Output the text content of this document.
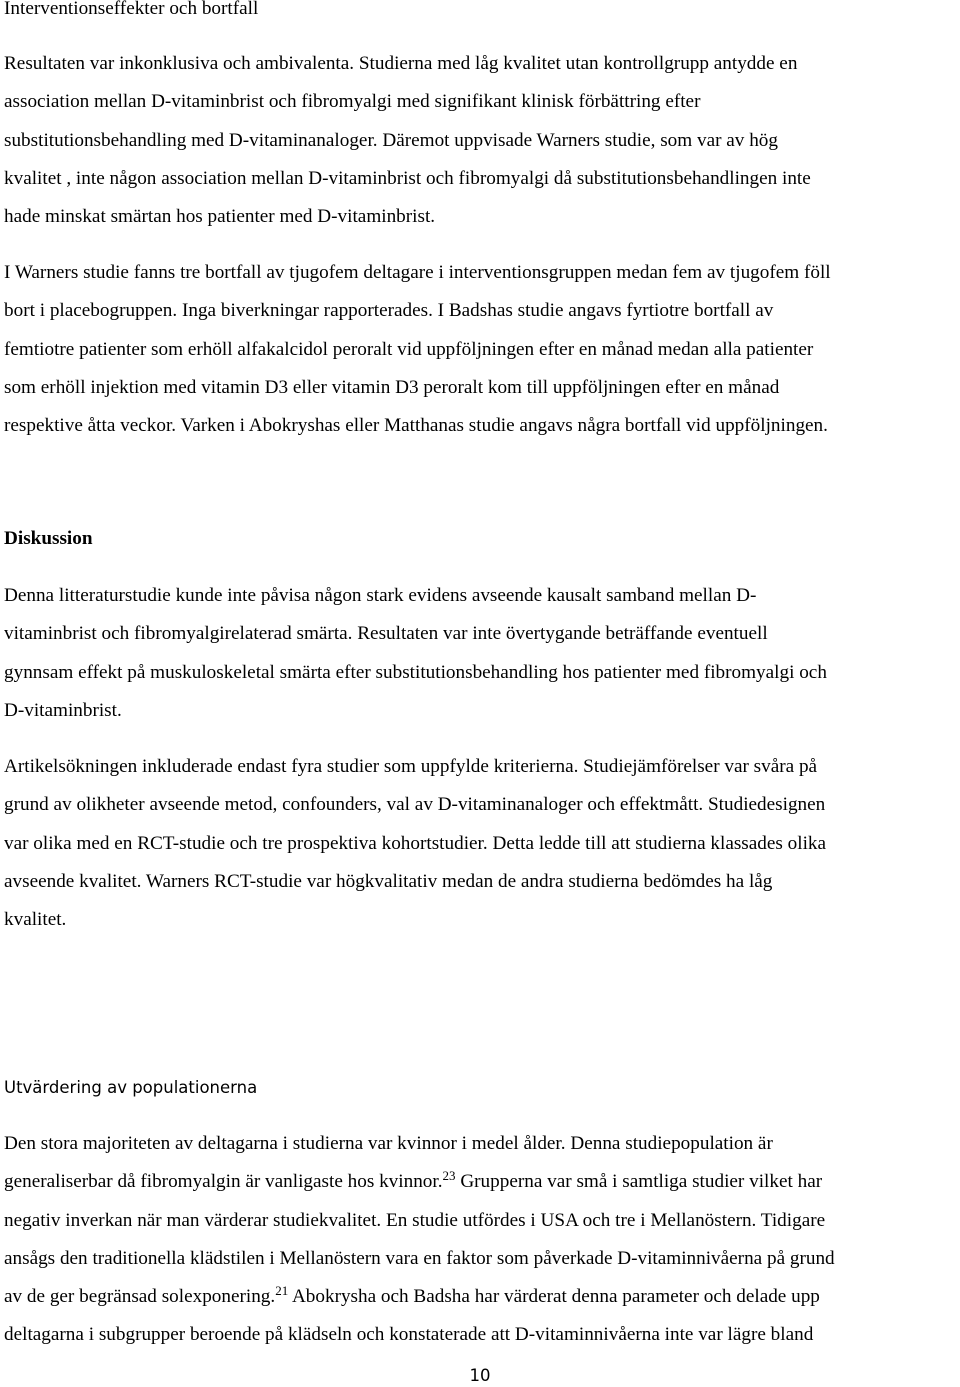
Interventionseffekter och bortfall
Resultaten var inkonklusiva och ambivalenta. Studierna med låg kvalitet utan kontrollgrupp antydde en
association mellan D-vitaminbrist och fibromyalgi med signifikant klinisk förbättring efter
substitutionsbehandling med D-vitaminanaloger. Däremot uppvisade Warners studie, som var av hög
kvalitet , inte någon association mellan D-vitaminbrist och fibromyalgi då substitutionsbehandlingen inte
hade minskat smärtan hos patienter med D-vitaminbrist.
I Warners studie fanns tre bortfall av tjugofem deltagare i interventionsgruppen medan fem av tjugofem föll
bort i placebogruppen. Inga biverkningar rapporterades. I Badshas studie angavs fyrtiotre bortfall av
femtiotre patienter som erhöll alfakalcidol peroralt vid uppföljningen efter en månad medan alla patienter
som erhöll injektion med vitamin D3 eller vitamin D3 peroralt kom till uppföljningen efter en månad
respektive åtta veckor. Varken i Abokryshas eller Matthanas studie angavs några bortfall vid uppföljningen.
Diskussion
Denna litteraturstudie kunde inte påvisa någon stark evidens avseende kausalt samband mellan D-
vitaminbrist och fibromyalgirelaterad smärta. Resultaten var inte övertygande beträffande eventuell
gynnsam effekt på muskuloskeletal smärta efter substitutionsbehandling hos patienter med fibromyalgi och
D-vitaminbrist.
Artikelsökningen inkluderade endast fyra studier som uppfylde kriterierna. Studiejämförelser var svåra på
grund av olikheter avseende metod, confounders, val av D-vitaminanaloger och effektmått. Studiedesignen
var olika med en RCT-studie och tre prospektiva kohortstudier. Detta ledde till att studierna klassades olika
avseende kvalitet. Warners RCT-studie var högkvalitativ medan de andra studierna bedömdes ha låg
kvalitet.
Utvärdering av populationerna
Den stora majoriteten av deltagarna i studierna var kvinnor i medel ålder. Denna studiepopulation är
generaliserbar då fibromyalgin är vanligaste hos kvinnor.$^{23}$ Grupperna var små i samtliga studier vilket har
negativ inverkan när man värderar studiekvalitet. En studie utfördes i USA och tre i Mellanöstern. Tidigare
ansågs den traditionella klädstilen i Mellanöstern vara en faktor som påverkade D-vitaminnivåerna på grund
av de ger begränsad solexponering.$^{21}$ Abokrysha och Badsha har värderat denna parameter och delade upp
deltagarna i subgrupper beroende på klädseln och konstaterade att D-vitaminnivåerna inte var lägre bland
10
